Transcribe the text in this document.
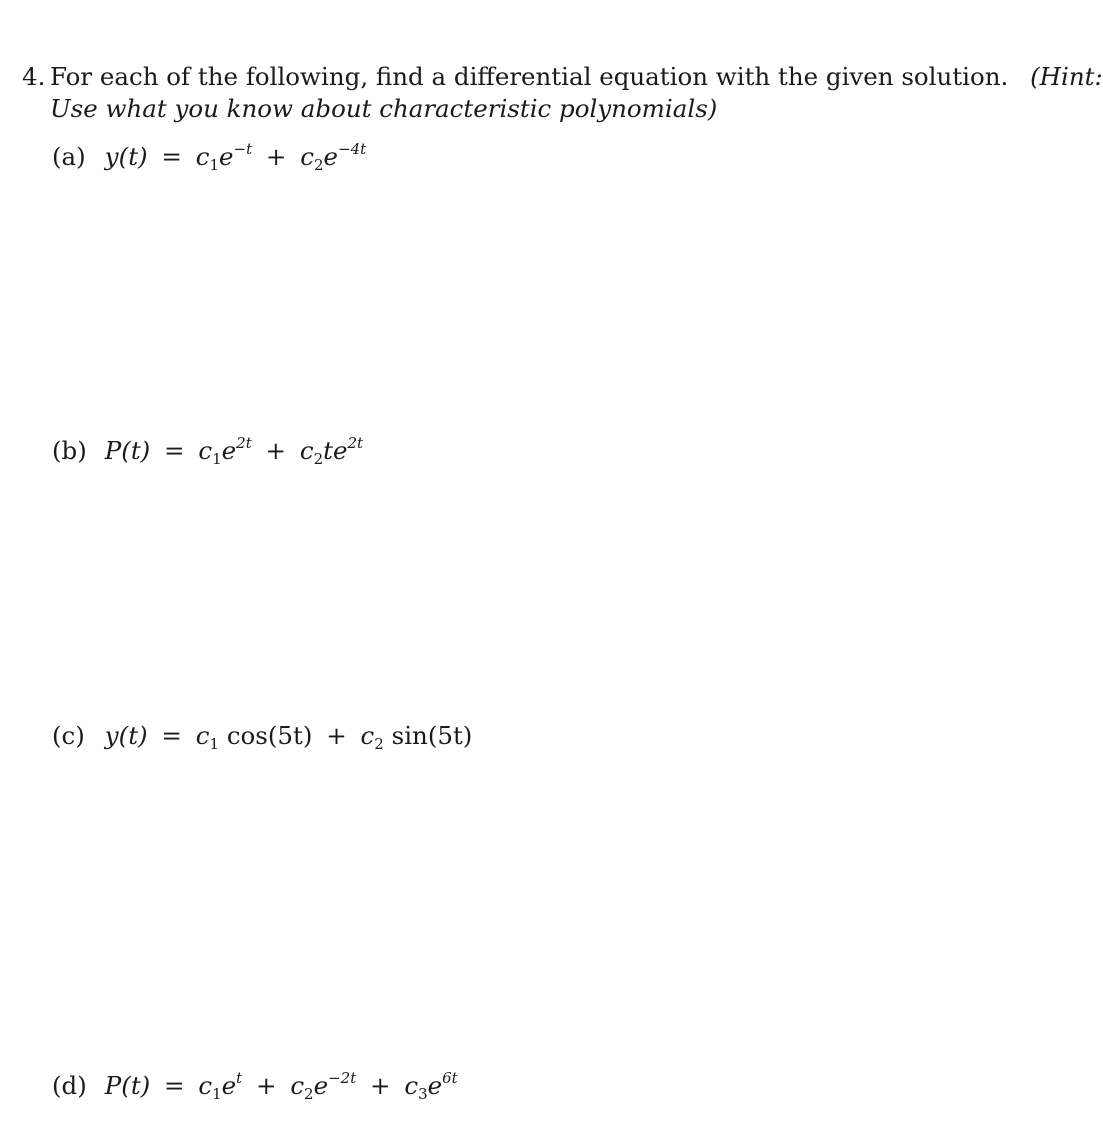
4. For each of the following, find a differential equation with the given solution. (Hint:
Use what you know about characteristic polynomials)
(a) $y(t) = c_1e^{-t} + c_2e^{-4t}$
(b) $P(t) = c_1e^{2t} + c_2te^{2t}$
(c) $y(t) = c_1$ $\cos(5t) + c_2$ sin(5t)
(d) $P(t) = c_1e^t + c_2e^{-2t} + c_3e^{6t}$
